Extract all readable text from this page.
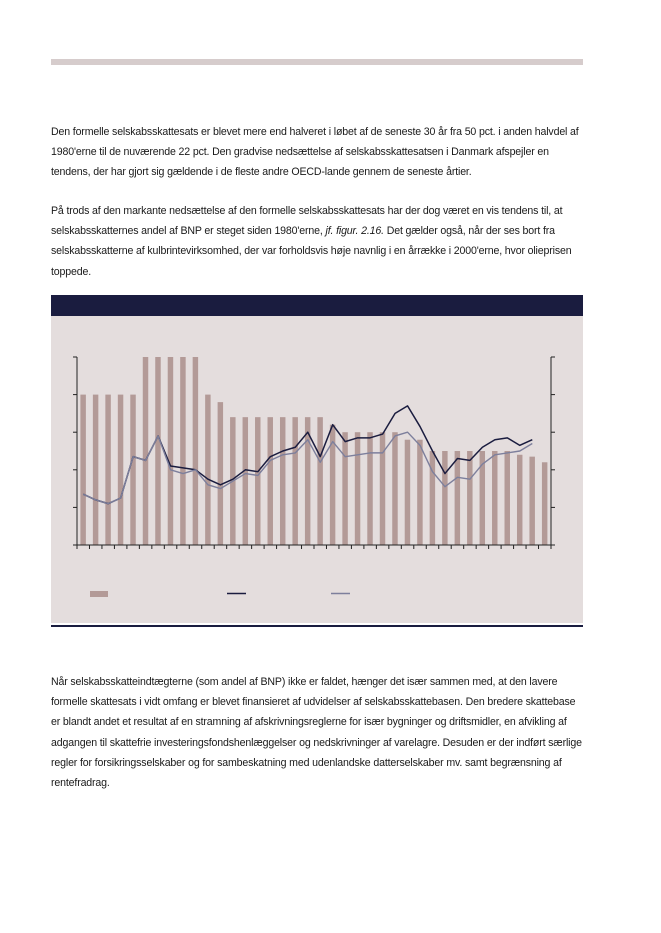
Den formelle selskabsskattesats er blevet mere end halveret i løbet af de seneste 30 år fra 50 pct. i anden halvdel af 1980'erne til de nuværende 22 pct. Den gradvise nedsættelse af selskabsskattesatsen i Danmark afspejler en tendens, der har gjort sig gældende i de fleste andre OECD-lande gennem de seneste årtier.

På trods af den markante nedsættelse af den formelle selskabsskattesats har der dog været en vis tendens til, at selskabsskatternes andel af BNP er steget siden 1980'erne, jf. figur. 2.16. Det gælder også, når der ses bort fra selskabsskatterne af kulbrintevirksomhed, der var forholdsvis høje navnlig i en årrække i 2000'erne, hvor olieprisen toppede.

Når selskabsskatteindtægterne (som andel af BNP) ikke er faldet, hænger det især sammen med, at den lavere formelle skattesats i vidt omfang er blevet finansieret af udvidelser af selskabsskattebasen. Den bredere skattebase er blandt andet et resultat af en stramning af afskrivningsreglerne for især bygninger og driftsmidler, en afvikling af adgangen til skattefrie investeringsfondshenlæggelser og nedskrivninger af varelagre. Desuden er der indført særlige regler for forsikringsselskaber og for sambeskatning med udenlandske datterselskaber mv. samt begrænsning af rentefradrag.
